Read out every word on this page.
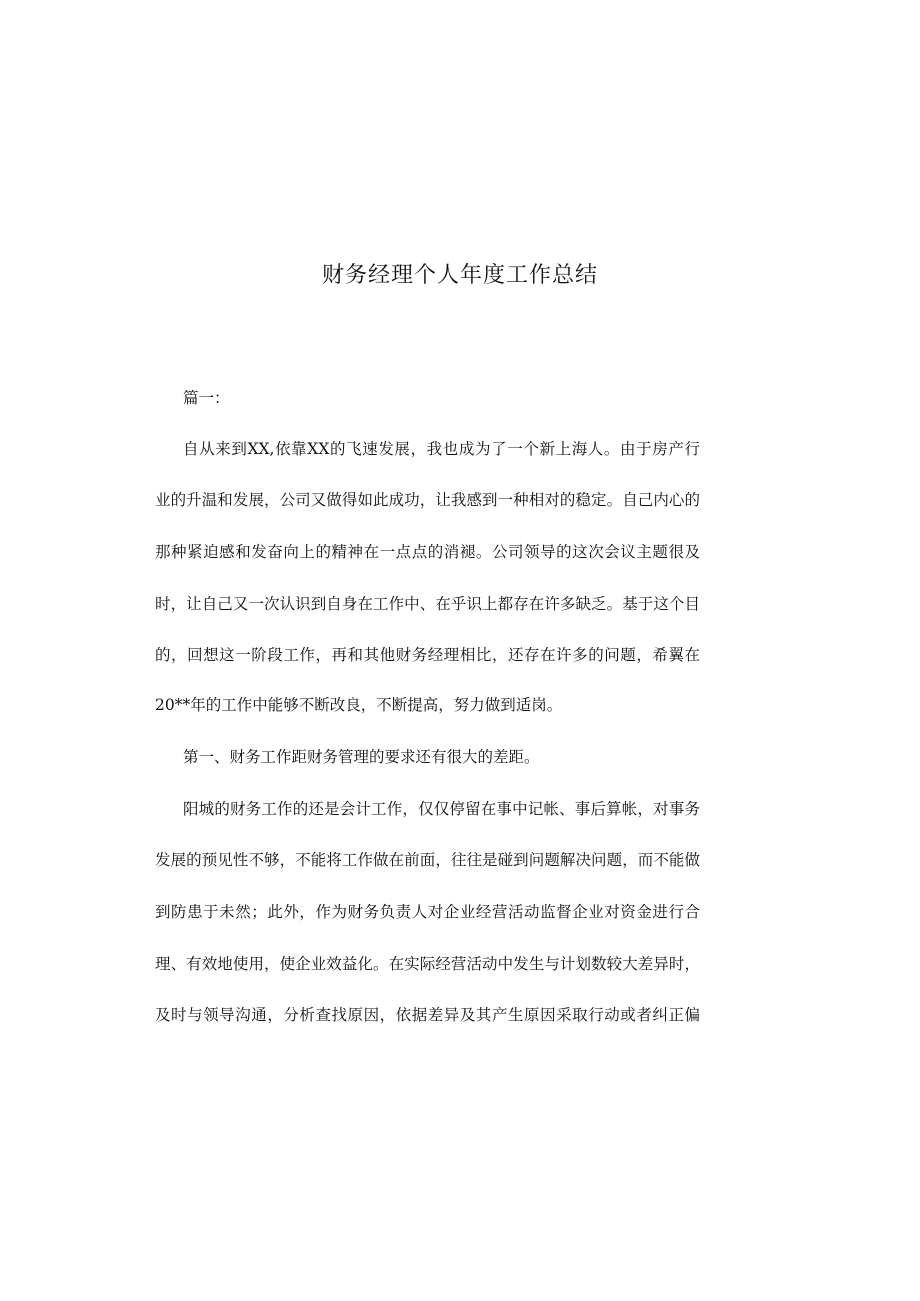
财务经理个人年度工作总结

篇一：

自从来到XX,依靠XX的飞速发展，我也成为了一个新上海人。由于房产行

业的升温和发展，公司又做得如此成功，让我感到一种相对的稳定。自己内心的

那种紧迫感和发奋向上的精神在一点点的消褪。公司领导的这次会议主题很及

时，让自己又一次认识到自身在工作中、在乎识上都存在许多缺乏。基于这个目

的，回想这一阶段工作，再和其他财务经理相比，还存在许多的问题，希翼在

20**年的工作中能够不断改良，不断提高，努力做到适岗。

第一、财务工作距财务管理的要求还有很大的差距。

阳城的财务工作的还是会计工作，仅仅停留在事中记帐、事后算帐，对事务

发展的预见性不够，不能将工作做在前面，往往是碰到问题解决问题，而不能做

到防患于未然；此外，作为财务负责人对企业经营活动监督企业对资金进行合

理、有效地使用，使企业效益化。在实际经营活动中发生与计划数较大差异时，

及时与领导沟通，分析查找原因，依据差异及其产生原因采取行动或者纠正偏
